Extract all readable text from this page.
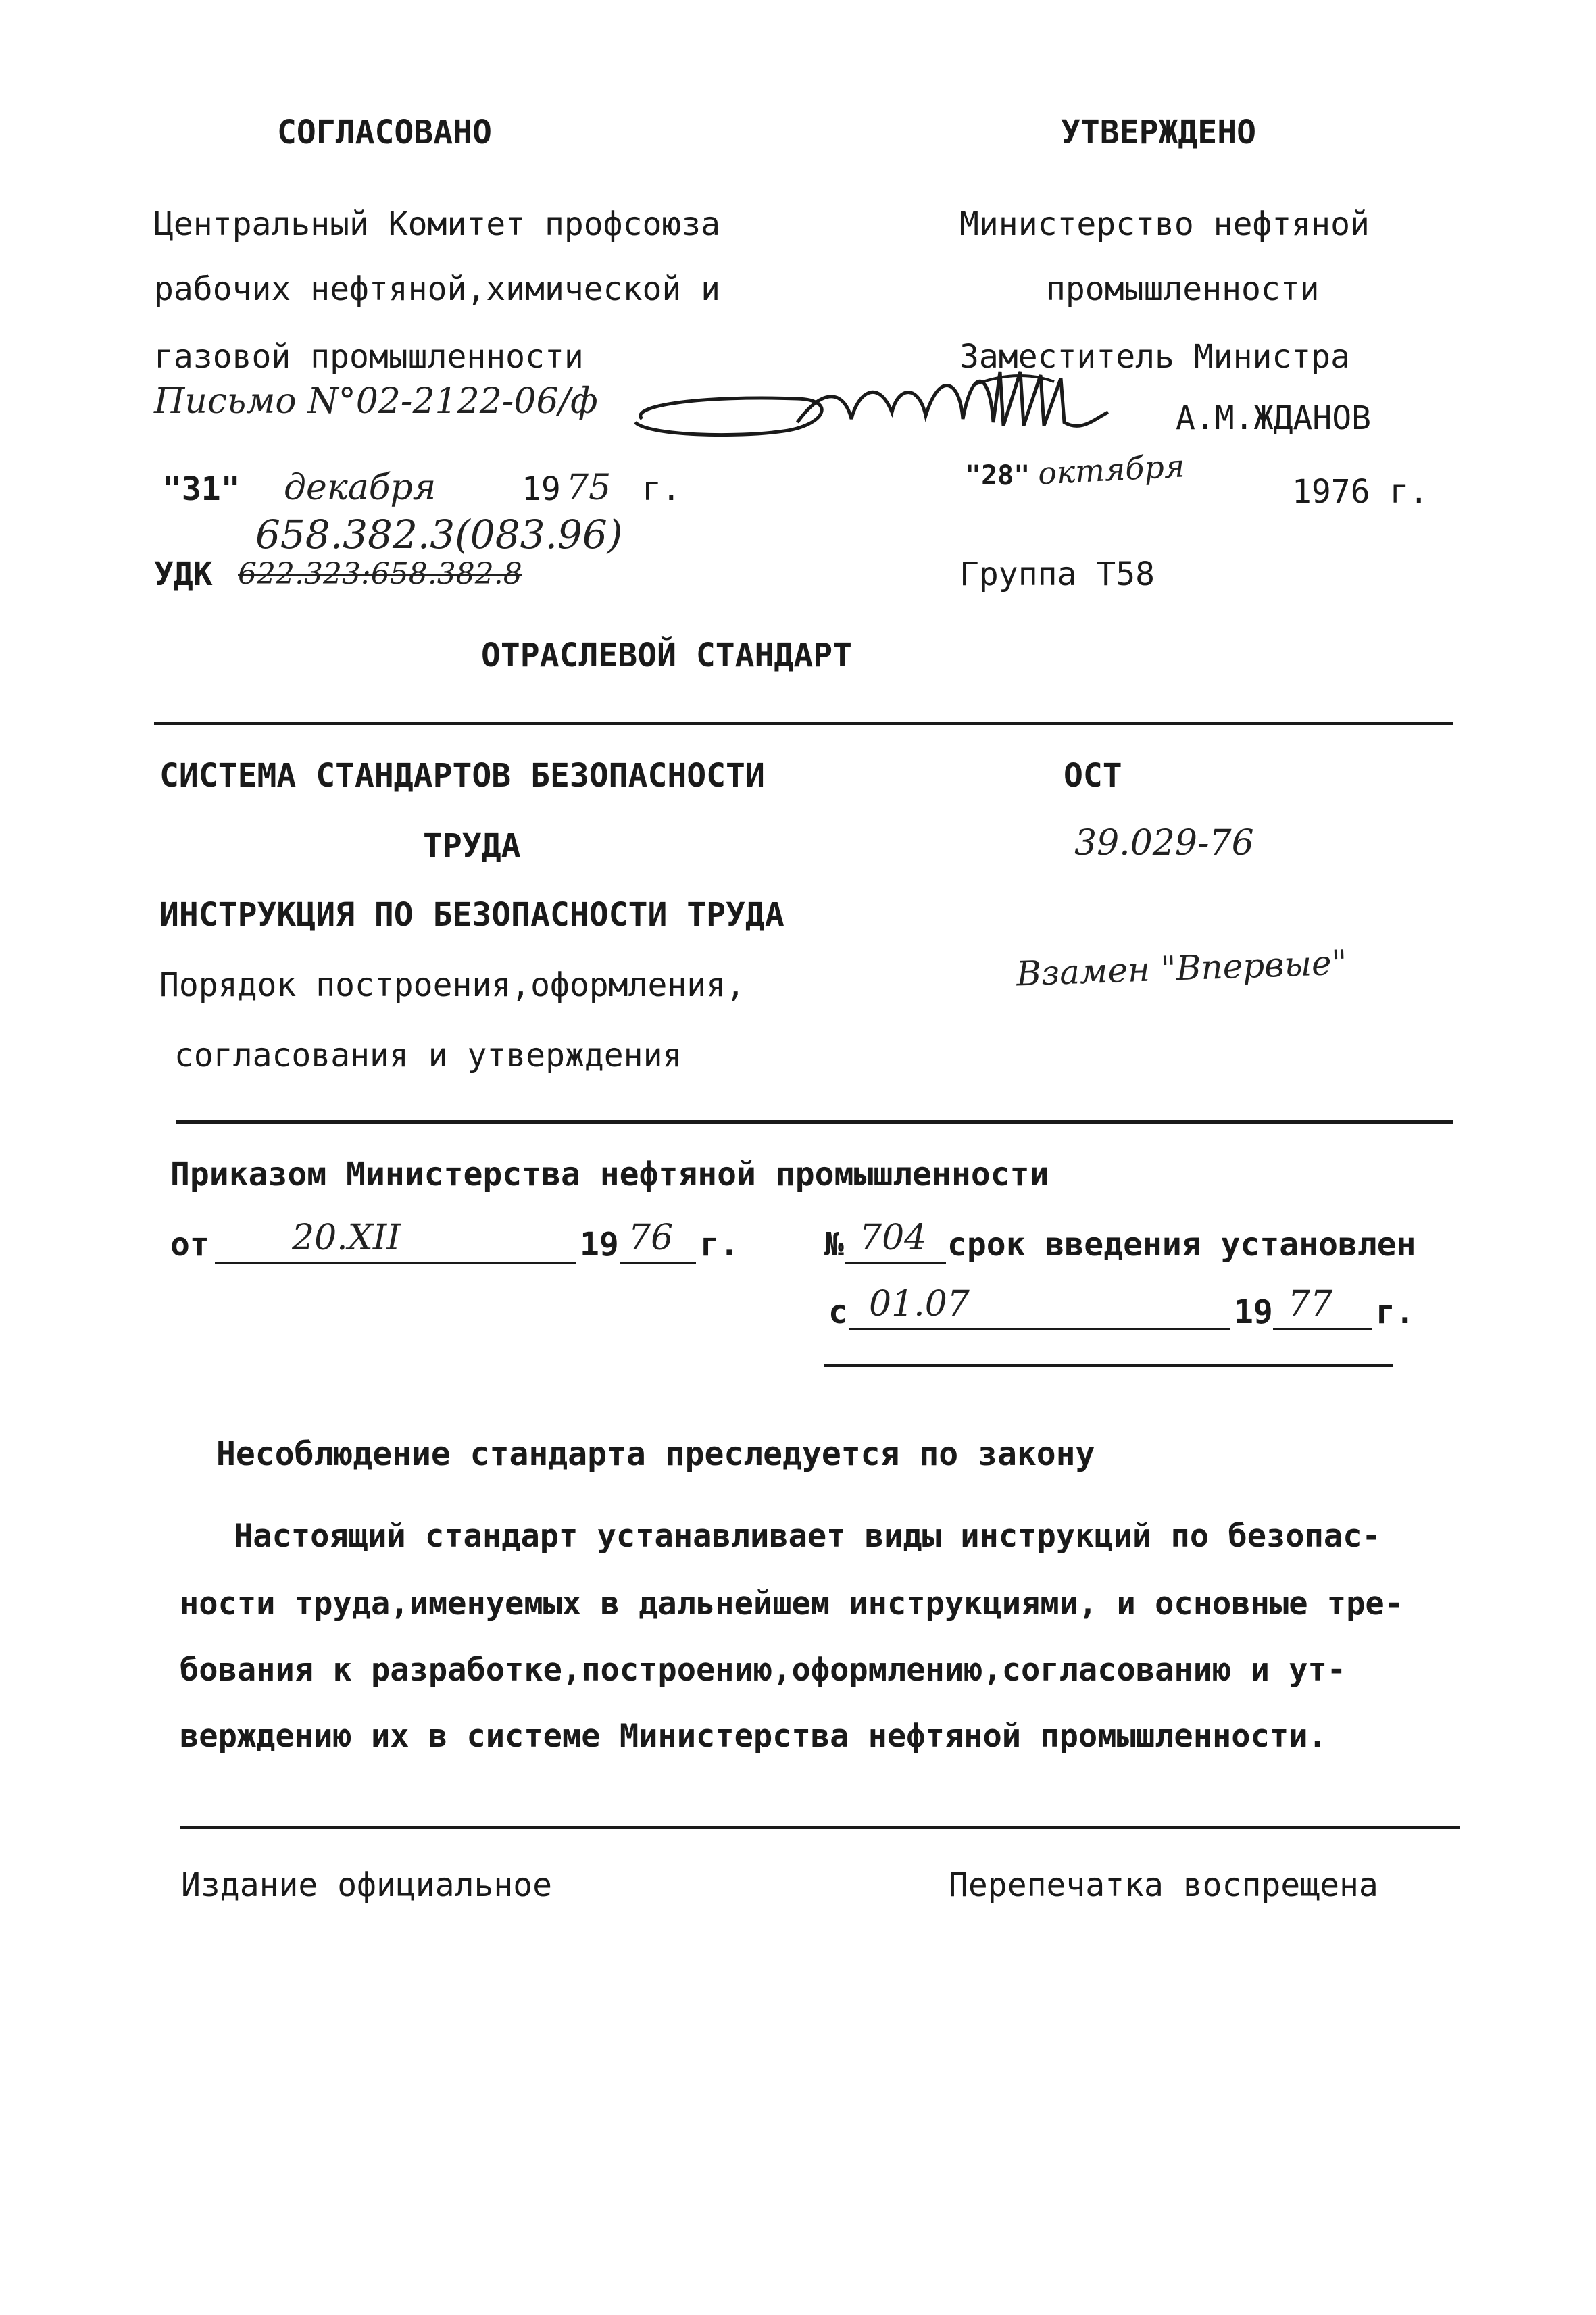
СОГЛАСОВАНО	УТВЕРЖДЕНО
Центральный Комитет профсоюза
рабочих нефтяной,химической и
газовой промышленности
Письмо N°02-2122-06/ф
Министерство нефтяной
промышленности
Заместитель Министра
А.М.ЖДАНОВ
"31" декабря	19 75 г.	"28" октября
1976 г.
УДК 622.323:658.382.8
658.382.3(083.96)
Группа Т58
ОТРАСЛЕВОЙ СТАНДАРТ
СИСТЕМА СТАНДАРТОВ БЕЗОПАСНОСТИ
ТРУДА
ИНСТРУКЦИЯ ПО БЕЗОПАСНОСТИ ТРУДА
Порядок построения,оформления,
согласования и утверждения
ОСТ
39.029-76
Взамен "Впервые"
Приказом Министерства нефтяной промышленности
от 20.XII	19 76 г.	№ 704 срок введения установлен
с 01.07	19 77 г.
Несоблюдение стандарта преследуется по закону
Настоящий стандарт устанавливает виды инструкций по безопас-
ности труда,именуемых в дальнейшем инструкциями, и основные тре-
бования к разработке,построению,оформлению,согласованию и ут-
верждению их в системе Министерства нефтяной промышленности.
Издание официальное	Перепечатка воспрещена
